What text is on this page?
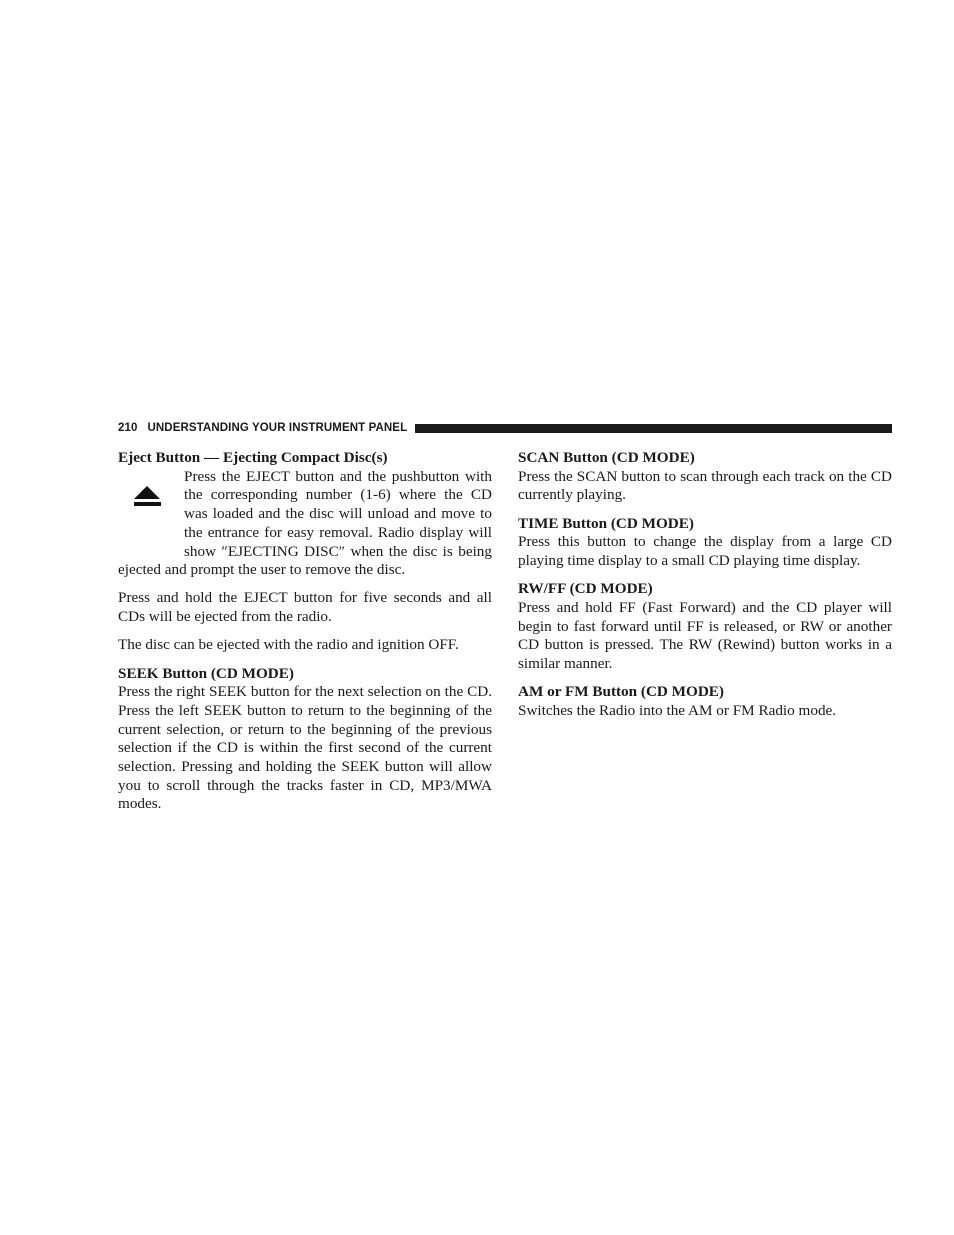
210 UNDERSTANDING YOUR INSTRUMENT PANEL
Eject Button — Ejecting Compact Disc(s)

Press the EJECT button and the pushbutton with the corresponding number (1-6) where the CD was loaded and the disc will unload and move to the entrance for easy removal. Radio display will show ″EJECTING DISC″ when the disc is being ejected and prompt the user to remove the disc.

Press and hold the EJECT button for five seconds and all CDs will be ejected from the radio.

The disc can be ejected with the radio and ignition OFF.

SEEK Button (CD MODE)

Press the right SEEK button for the next selection on the CD. Press the left SEEK button to return to the beginning of the current selection, or return to the beginning of the previous selection if the CD is within the first second of the current selection. Pressing and holding the SEEK button will allow you to scroll through the tracks faster in CD, MP3/MWA modes.

SCAN Button (CD MODE)

Press the SCAN button to scan through each track on the CD currently playing.

TIME Button (CD MODE)

Press this button to change the display from a large CD playing time display to a small CD playing time display.

RW/FF (CD MODE)

Press and hold FF (Fast Forward) and the CD player will begin to fast forward until FF is released, or RW or another CD button is pressed. The RW (Rewind) button works in a similar manner.

AM or FM Button (CD MODE)

Switches the Radio into the AM or FM Radio mode.
